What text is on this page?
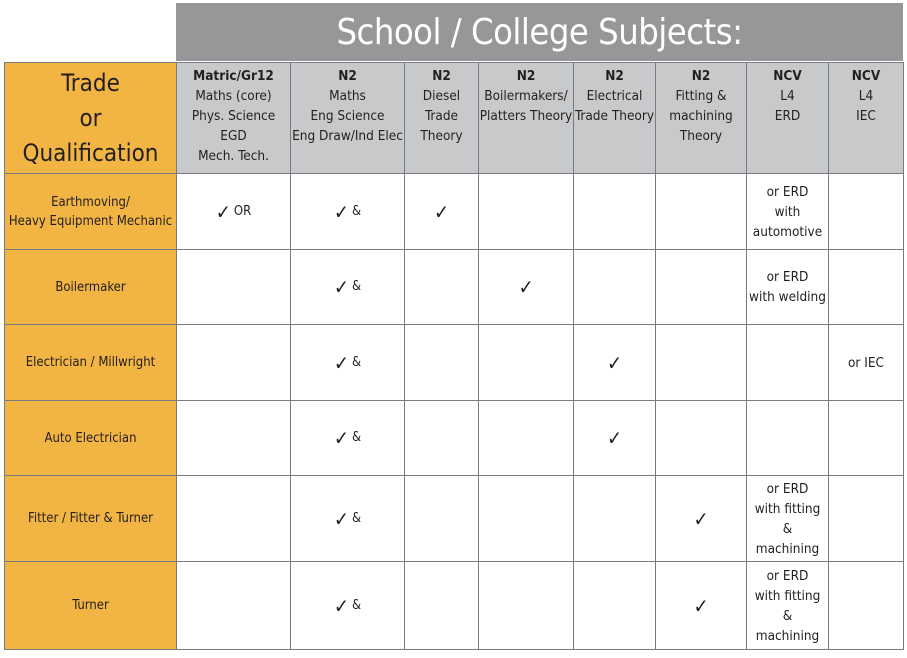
School / College Subjects:
Trade
or
Qualification	Matric/Gr12
Maths (core)
Phys. Science
EGD
Mech. Tech.	N2
Maths
Eng Science
Eng Draw/Ind Elec	N2
Diesel
Trade
Theory	N2
Boilermakers/
Platters Theory	N2
Electrical
Trade Theory	N2
Fitting &
machining
Theory	NCV
L4
ERD	NCV
L4
IEC

Earthmoving/
Heavy Equipment Mechanic	✓ OR	✓ &	✓				or ERD
with
automotive	

Boilermaker		✓ &		✓			or ERD
with welding	

Electrician / Millwright		✓ &			✓			or IEC

Auto Electrician		✓ &			✓			

Fitter / Fitter & Turner		✓ &				✓	or ERD
with fitting
&
machining	

Turner		✓ &				✓	or ERD
with fitting
&
machining	
